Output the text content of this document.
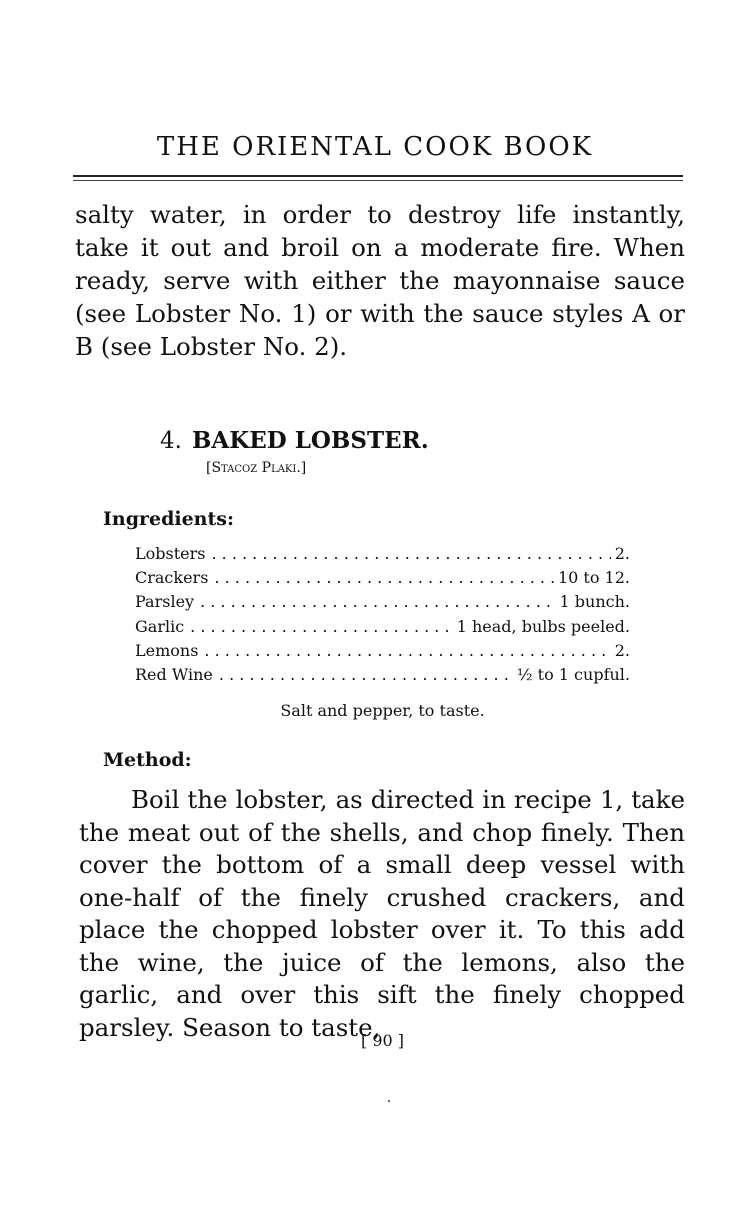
THE ORIENTAL COOK BOOK
salty water, in order to destroy life instantly, take it out and broil on a moderate fire. When ready, serve with either the mayonnaise sauce (see Lobster No. 1) or with the sauce styles A or B (see Lobster No. 2).
4. BAKED LOBSTER.
[Stacoz Plaki.]
Ingredients:
Lobsters . . .	2.
Crackers . . .	10 to 12.
Parsley . . .	1 bunch.
Garlic . . .	1 head, bulbs peeled.
Lemons . . .	2.
Red Wine . . .	½ to 1 cupful.
Salt and pepper, to taste.
Method:

Boil the lobster, as directed in recipe 1, take the meat out of the shells, and chop finely. Then cover the bottom of a small deep vessel with one-half of the finely crushed crackers, and place the chopped lobster over it. To this add the wine, the juice of the lemons, also the garlic, and over this sift the finely chopped parsley. Season to taste,

[ 90 ]
